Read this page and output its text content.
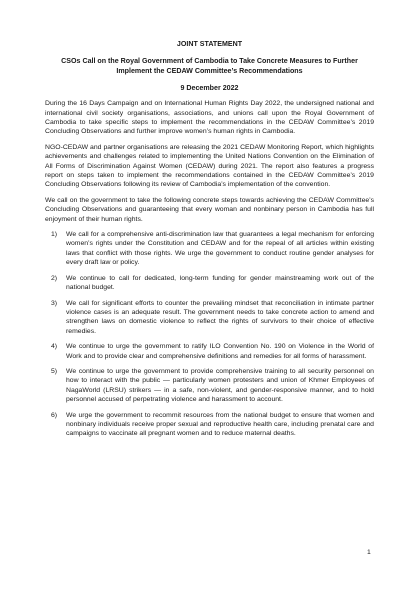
JOINT STATEMENT
CSOs Call on the Royal Government of Cambodia to Take Concrete Measures to Further
Implement the CEDAW Committee’s Recommendations
9 December 2022

During the 16 Days Campaign and on International Human Rights Day 2022, the undersigned national and international civil society organisations, associations, and unions call upon the Royal Government of Cambodia to take specific steps to implement the recommendations in the CEDAW Committee’s 2019 Concluding Observations and further improve women’s human rights in Cambodia.

NGO-CEDAW and partner organisations are releasing the 2021 CEDAW Monitoring Report, which highlights achievements and challenges related to implementing the United Nations Convention on the Elimination of All Forms of Discrimination Against Women (CEDAW) during 2021. The report also features a progress report on steps taken to implement the recommendations contained in the CEDAW Committee’s 2019 Concluding Observations following its review of Cambodia’s implementation of the convention.

We call on the government to take the following concrete steps towards achieving the CEDAW Committee’s Concluding Observations and guaranteeing that every woman and nonbinary person in Cambodia has full enjoyment of their human rights.

1) We call for a comprehensive anti-discrimination law that guarantees a legal mechanism for enforcing women’s rights under the Constitution and CEDAW and for the repeal of all articles within existing laws that conflict with those rights. We urge the government to conduct routine gender analyses for every draft law or policy.
2) We continue to call for dedicated, long-term funding for gender mainstreaming work out of the national budget.
3) We call for significant efforts to counter the prevailing mindset that reconciliation in intimate partner violence cases is an adequate result. The government needs to take concrete action to amend and strengthen laws on domestic violence to reflect the rights of survivors to their choice of effective remedies.
4) We continue to urge the government to ratify ILO Convention No. 190 on Violence in the World of Work and to provide clear and comprehensive definitions and remedies for all forms of harassment.
5) We continue to urge the government to provide comprehensive training to all security personnel on how to interact with the public — particularly women protesters and union of Khmer Employees of NagaWorld (LRSU) strikers — in a safe, non-violent, and gender-responsive manner, and to hold personnel accused of perpetrating violence and harassment to account.
6) We urge the government to recommit resources from the national budget to ensure that women and nonbinary individuals receive proper sexual and reproductive health care, including prenatal care and campaigns to vaccinate all pregnant women and to reduce maternal deaths.
1
